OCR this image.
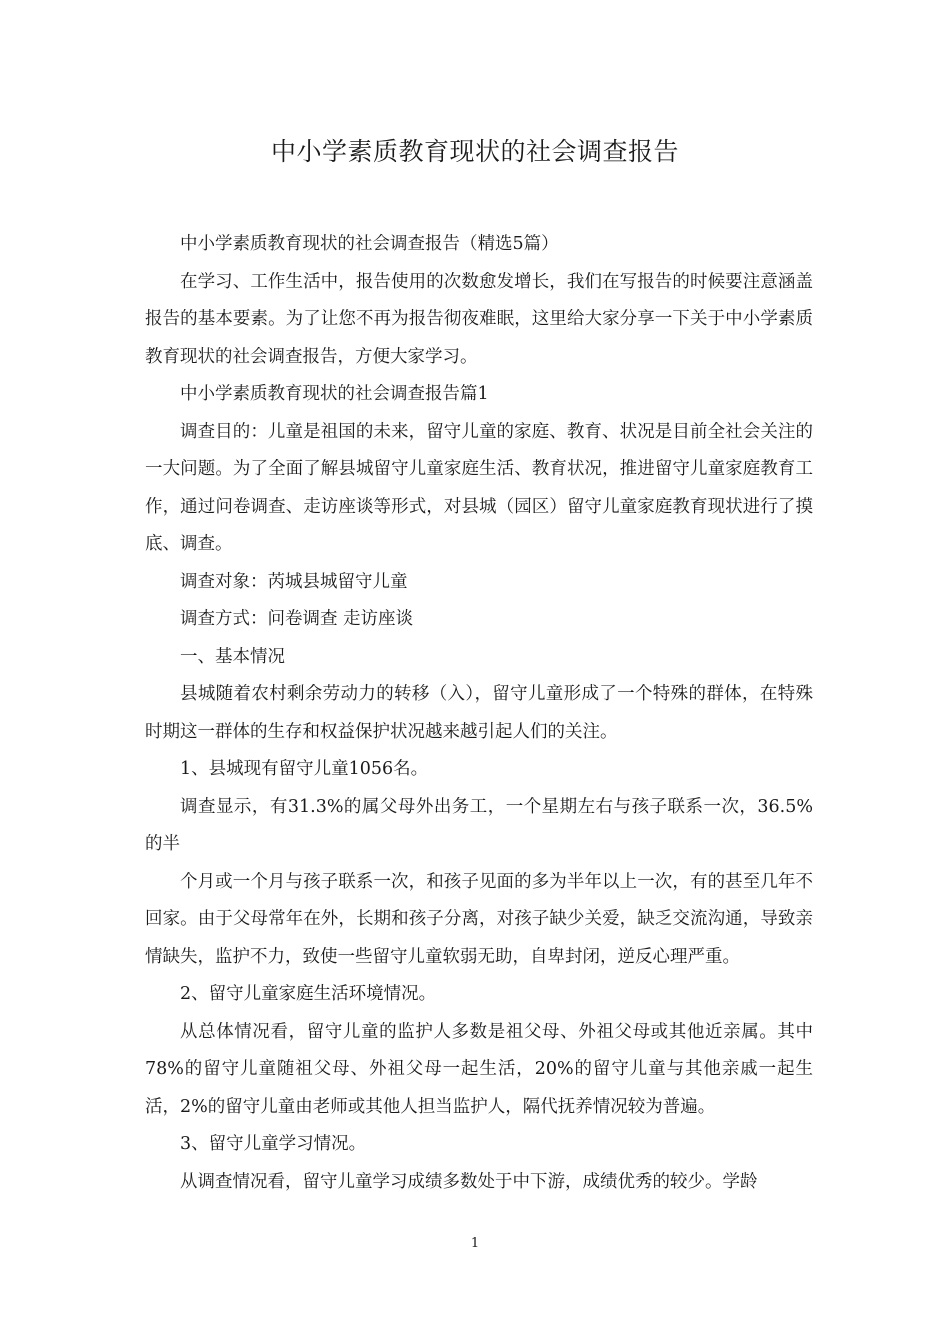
中小学素质教育现状的社会调查报告

中小学素质教育现状的社会调查报告（精选5篇）

在学习、工作生活中，报告使用的次数愈发增长，我们在写报告的时候要注意涵盖报告的基本要素。为了让您不再为报告彻夜难眠，这里给大家分享一下关于中小学素质教育现状的社会调查报告，方便大家学习。

中小学素质教育现状的社会调查报告篇1

调查目的：儿童是祖国的未来，留守儿童的家庭、教育、状况是目前全社会关注的一大问题。为了全面了解县城留守儿童家庭生活、教育状况，推进留守儿童家庭教育工作，通过问卷调查、走访座谈等形式，对县城（园区）留守儿童家庭教育现状进行了摸底、调查。

调查对象：芮城县城留守儿童

调查方式：问卷调查 走访座谈

一、基本情况

县城随着农村剩余劳动力的转移（入），留守儿童形成了一个特殊的群体，在特殊时期这一群体的生存和权益保护状况越来越引起人们的关注。

1、县城现有留守儿童1056名。

调查显示，有31.3%的属父母外出务工，一个星期左右与孩子联系一次，36.5%的半

个月或一个月与孩子联系一次，和孩子见面的多为半年以上一次，有的甚至几年不回家。由于父母常年在外，长期和孩子分离，对孩子缺少关爱，缺乏交流沟通，导致亲情缺失，监护不力，致使一些留守儿童软弱无助，自卑封闭，逆反心理严重。

2、留守儿童家庭生活环境情况。

从总体情况看，留守儿童的监护人多数是祖父母、外祖父母或其他近亲属。其中 78%的留守儿童随祖父母、外祖父母一起生活，20%的留守儿童与其他亲戚一起生活，2%的留守儿童由老师或其他人担当监护人，隔代抚养情况较为普遍。

3、留守儿童学习情况。

从调查情况看，留守儿童学习成绩多数处于中下游，成绩优秀的较少。学龄

1
